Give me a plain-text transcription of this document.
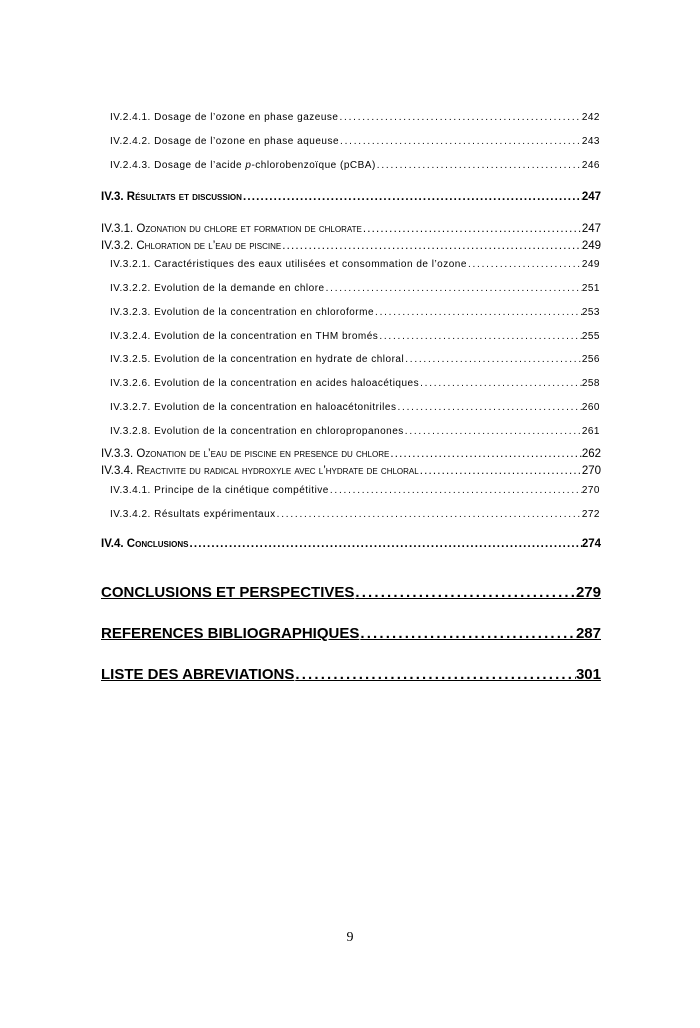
IV.2.4.1. Dosage de l’ozone en phase gazeuse . . .	242
IV.2.4.2. Dosage de l’ozone en phase aqueuse . . .	243
IV.2.4.3. Dosage de l’acide p-chlorobenzoïque (pCBA) . . .	246
IV.3. Résultats et discussion . . .	247
IV.3.1. Ozonation du chlore et formation de chlorate . . .	247
IV.3.2. Chloration de l’eau de piscine . . .	249
IV.3.2.1. Caractéristiques des eaux utilisées et consommation de l’ozone . . .	249
IV.3.2.2. Evolution de la demande en chlore . . .	251
IV.3.2.3. Evolution de la concentration en chloroforme . . .	253
IV.3.2.4. Evolution de la concentration en THM bromés . . .	255
IV.3.2.5. Evolution de la concentration en hydrate de chloral . . .	256
IV.3.2.6. Evolution de la concentration en acides haloacétiques . . .	258
IV.3.2.7. Evolution de la concentration en haloacétonitriles . . .	260
IV.3.2.8. Evolution de la concentration en chloropropanones . . .	261
IV.3.3. Ozonation de l’eau de piscine en presence du chlore . . .	262
IV.3.4. Reactivite du radical hydroxyle avec l’hydrate de chloral . . .	270
IV.3.4.1. Principe de la cinétique compétitive . . .	270
IV.3.4.2. Résultats expérimentaux . . .	272
IV.4. Conclusions . . .	274
CONCLUSIONS ET PERSPECTIVES . . .	279
REFERENCES BIBLIOGRAPHIQUES . . .	287
LISTE DES ABREVIATIONS . . .	301
9
